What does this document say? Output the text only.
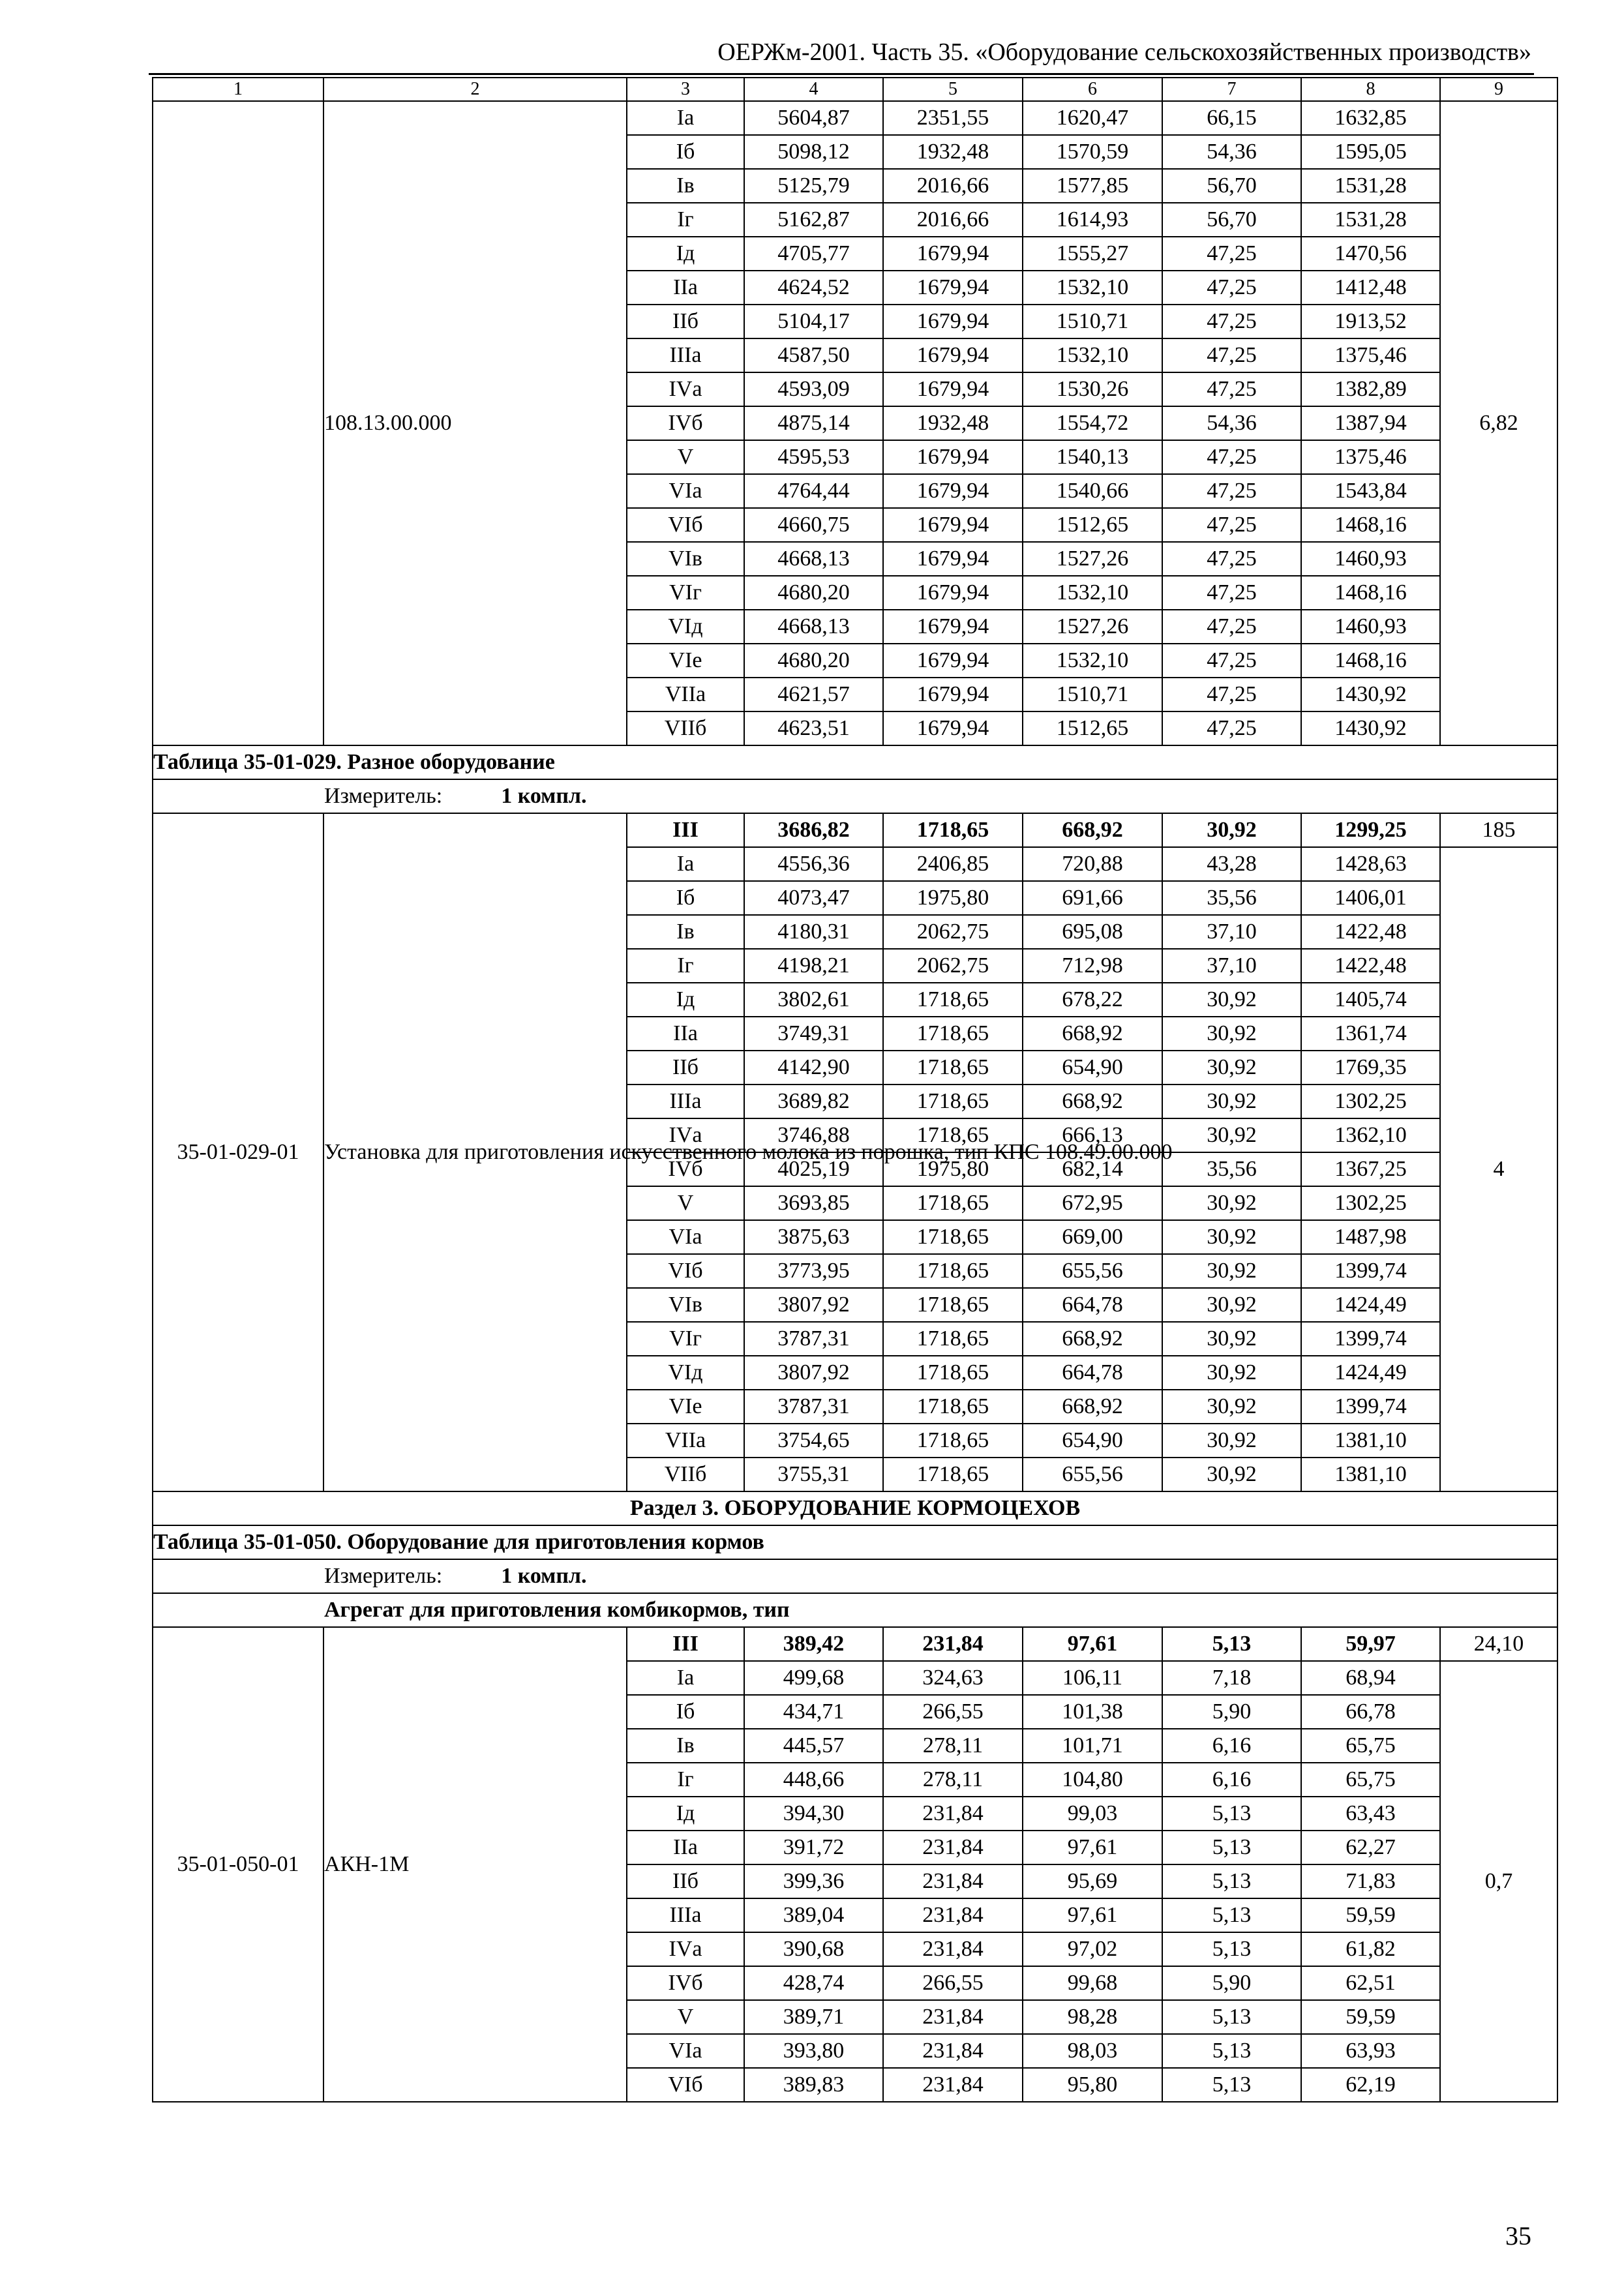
ОЕРЖм-2001. Часть 35. «Оборудование сельскохозяйственных производств»
1	2	3	4	5	6	7	8	9
	108.13.00.000	Iа	5604,87	2351,55	1620,47	66,15	1632,85	6,82
		Iб	5098,12	1932,48	1570,59	54,36	1595,05	
		Iв	5125,79	2016,66	1577,85	56,70	1531,28	
		Iг	5162,87	2016,66	1614,93	56,70	1531,28	
		Iд	4705,77	1679,94	1555,27	47,25	1470,56	
		IIа	4624,52	1679,94	1532,10	47,25	1412,48	
		IIб	5104,17	1679,94	1510,71	47,25	1913,52	
		IIIа	4587,50	1679,94	1532,10	47,25	1375,46	
		IVа	4593,09	1679,94	1530,26	47,25	1382,89	
		IVб	4875,14	1932,48	1554,72	54,36	1387,94	
		V	4595,53	1679,94	1540,13	47,25	1375,46	
		VIа	4764,44	1679,94	1540,66	47,25	1543,84	
		VIб	4660,75	1679,94	1512,65	47,25	1468,16	
		VIв	4668,13	1679,94	1527,26	47,25	1460,93	
		VIг	4680,20	1679,94	1532,10	47,25	1468,16	
		VIд	4668,13	1679,94	1527,26	47,25	1460,93	
		VIе	4680,20	1679,94	1532,10	47,25	1468,16	
		VIIа	4621,57	1679,94	1510,71	47,25	1430,92	
		VIIб	4623,51	1679,94	1512,65	47,25	1430,92	
Таблица 35-01-029. Разное оборудование								
Измеритель: 1 компл.								
35-01-029-01	Установка для приготовления искусственного молока из порошка, тип КПС 108.49.00.000	III	3686,82	1718,65	668,92	30,92	1299,25	185
		Iа	4556,36	2406,85	720,88	43,28	1428,63	4
		Iб	4073,47	1975,80	691,66	35,56	1406,01	
		Iв	4180,31	2062,75	695,08	37,10	1422,48	
		Iг	4198,21	2062,75	712,98	37,10	1422,48	
		Iд	3802,61	1718,65	678,22	30,92	1405,74	
		IIа	3749,31	1718,65	668,92	30,92	1361,74	
		IIб	4142,90	1718,65	654,90	30,92	1769,35	
		IIIа	3689,82	1718,65	668,92	30,92	1302,25	
		IVа	3746,88	1718,65	666,13	30,92	1362,10	
		IVб	4025,19	1975,80	682,14	35,56	1367,25	
		V	3693,85	1718,65	672,95	30,92	1302,25	
		VIа	3875,63	1718,65	669,00	30,92	1487,98	
		VIб	3773,95	1718,65	655,56	30,92	1399,74	
		VIв	3807,92	1718,65	664,78	30,92	1424,49	
		VIг	3787,31	1718,65	668,92	30,92	1399,74	
		VIд	3807,92	1718,65	664,78	30,92	1424,49	
		VIе	3787,31	1718,65	668,92	30,92	1399,74	
		VIIа	3754,65	1718,65	654,90	30,92	1381,10	
		VIIб	3755,31	1718,65	655,56	30,92	1381,10	
Раздел 3. ОБОРУДОВАНИЕ КОРМОЦЕХОВ								
Таблица 35-01-050. Оборудование для приготовления кормов								
Измеритель: 1 компл.								
Агрегат для приготовления комбикормов, тип								
35-01-050-01	АКН-1М	III	389,42	231,84	97,61	5,13	59,97	24,10
		Iа	499,68	324,63	106,11	7,18	68,94	0,7
		Iб	434,71	266,55	101,38	5,90	66,78	
		Iв	445,57	278,11	101,71	6,16	65,75	
		Iг	448,66	278,11	104,80	6,16	65,75	
		Iд	394,30	231,84	99,03	5,13	63,43	
		IIа	391,72	231,84	97,61	5,13	62,27	
		IIб	399,36	231,84	95,69	5,13	71,83	
		IIIа	389,04	231,84	97,61	5,13	59,59	
		IVа	390,68	231,84	97,02	5,13	61,82	
		IVб	428,74	266,55	99,68	5,90	62,51	
		V	389,71	231,84	98,28	5,13	59,59	
		VIа	393,80	231,84	98,03	5,13	63,93	
		VIб	389,83	231,84	95,80	5,13	62,19	
35
